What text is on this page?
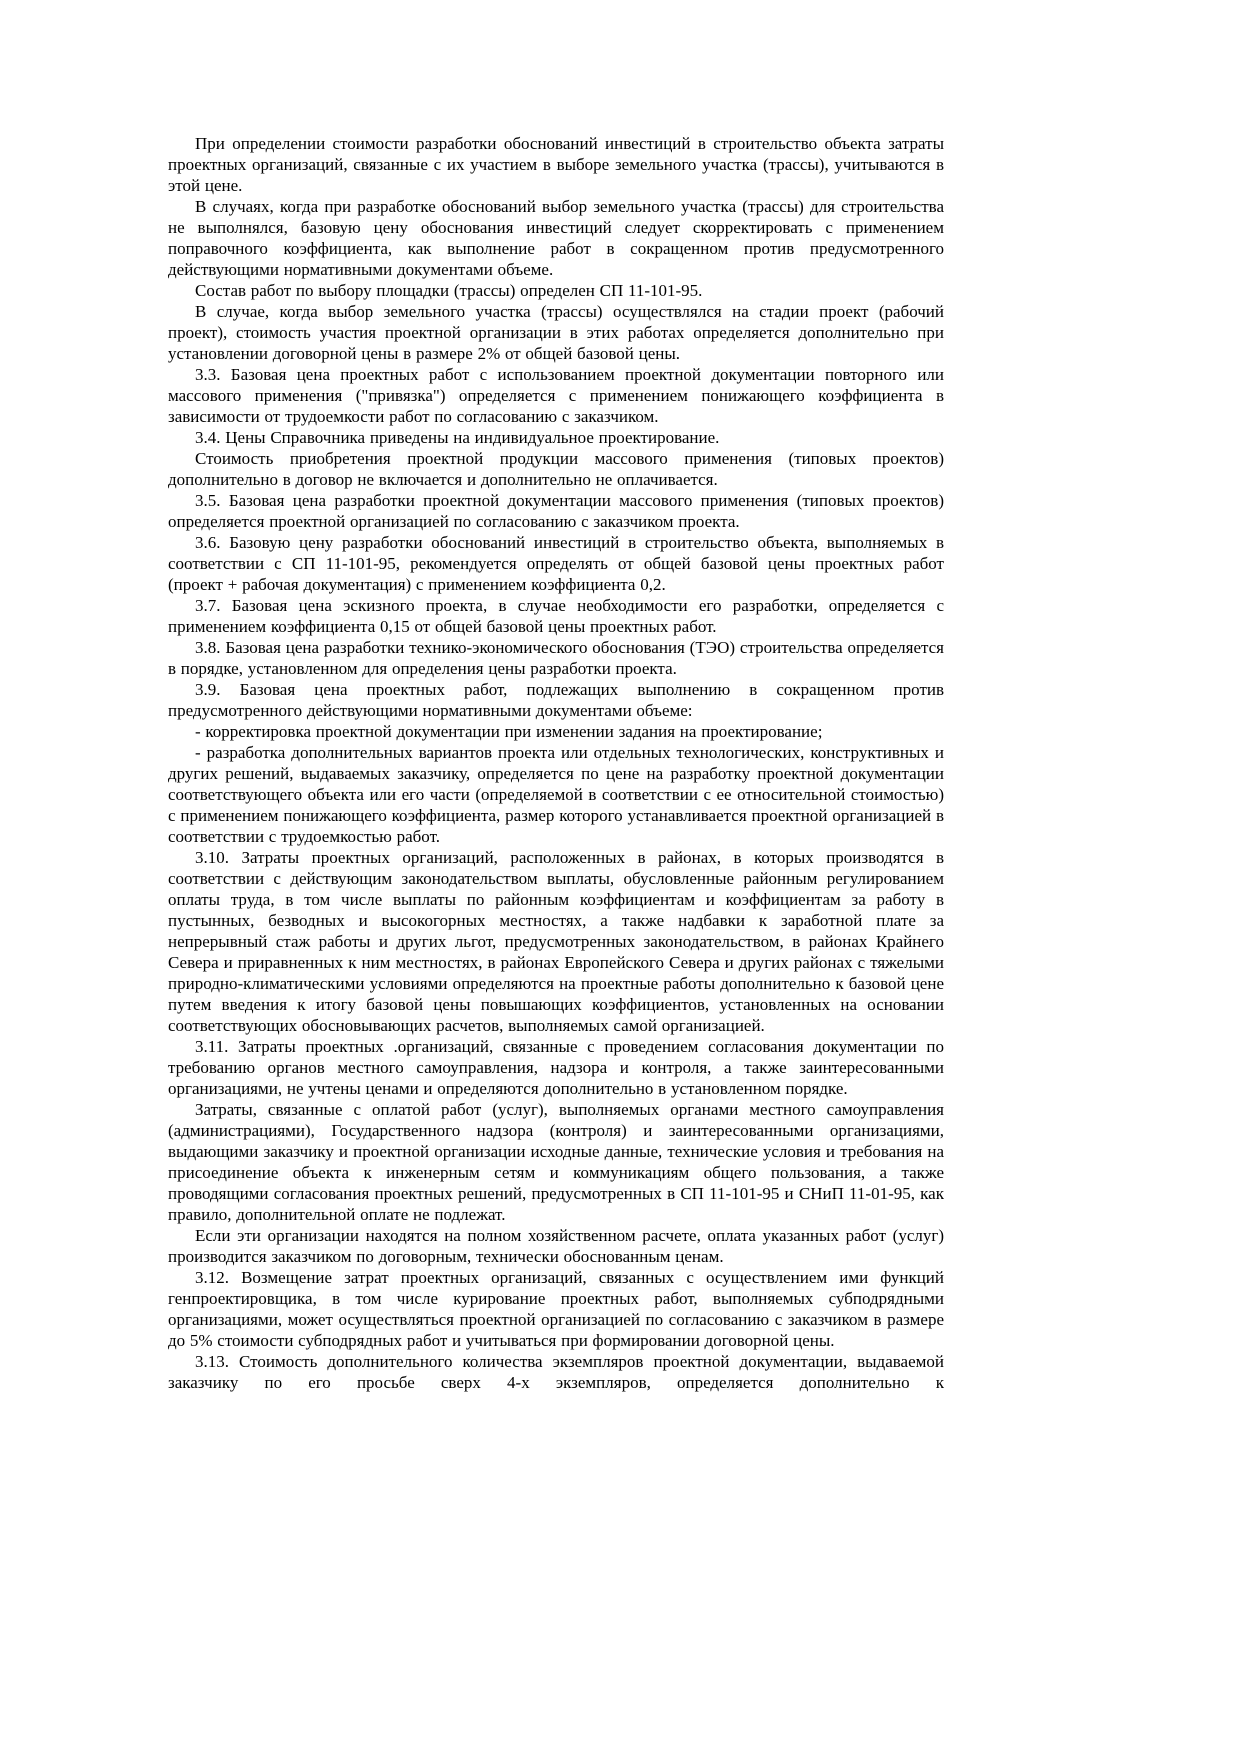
При определении стоимости разработки обоснований инвестиций в строительство объекта затраты проектных организаций, связанные с их участием в выборе земельного участка (трассы), учитываются в этой цене.

В случаях, когда при разработке обоснований выбор земельного участка (трассы) для строительства не выполнялся, базовую цену обоснования инвестиций следует скорректировать с применением поправочного коэффициента, как выполнение работ в сокращенном против предусмотренного действующими нормативными документами объеме.

Состав работ по выбору площадки (трассы) определен СП 11-101-95.

В случае, когда выбор земельного участка (трассы) осуществлялся на стадии проект (рабочий проект), стоимость участия проектной организации в этих работах определяется дополнительно при установлении договорной цены в размере 2% от общей базовой цены.

3.3. Базовая цена проектных работ с использованием проектной документации повторного или массового применения ("привязка") определяется с применением понижающего коэффициента в зависимости от трудоемкости работ по согласованию с заказчиком.

3.4. Цены Справочника приведены на индивидуальное проектирование.

Стоимость приобретения проектной продукции массового применения (типовых проектов) дополнительно в договор не включается и дополнительно не оплачивается.

3.5. Базовая цена разработки проектной документации массового применения (типовых проектов) определяется проектной организацией по согласованию с заказчиком проекта.

3.6. Базовую цену разработки обоснований инвестиций в строительство объекта, выполняемых в соответствии с СП 11-101-95, рекомендуется определять от общей базовой цены проектных работ (проект + рабочая документация) с применением коэффициента 0,2.

3.7. Базовая цена эскизного проекта, в случае необходимости его разработки, определяется с применением коэффициента 0,15 от общей базовой цены проектных работ.

3.8. Базовая цена разработки технико-экономического обоснования (ТЭО) строительства определяется в порядке, установленном для определения цены разработки проекта.

3.9. Базовая цена проектных работ, подлежащих выполнению в сокращенном против предусмотренного действующими нормативными документами объеме:

- корректировка проектной документации при изменении задания на проектирование;

- разработка дополнительных вариантов проекта или отдельных технологических, конструктивных и других решений, выдаваемых заказчику, определяется по цене на разработку проектной документации соответствующего объекта или его части (определяемой в соответствии с ее относительной стоимостью) с применением понижающего коэффициента, размер которого устанавливается проектной организацией в соответствии с трудоемкостью работ.

3.10. Затраты проектных организаций, расположенных в районах, в которых производятся в соответствии с действующим законодательством выплаты, обусловленные районным регулированием оплаты труда, в том числе выплаты по районным коэффициентам и коэффициентам за работу в пустынных, безводных и высокогорных местностях, а также надбавки к заработной плате за непрерывный стаж работы и других льгот, предусмотренных законодательством, в районах Крайнего Севера и приравненных к ним местностях, в районах Европейского Севера и других районах с тяжелыми природно-климатическими условиями определяются на проектные работы дополнительно к базовой цене путем введения к итогу базовой цены повышающих коэффициентов, установленных на основании соответствующих обосновывающих расчетов, выполняемых самой организацией.

3.11. Затраты проектных .организаций, связанные с проведением согласования документации по требованию органов местного самоуправления, надзора и контроля, а также заинтересованными организациями, не учтены ценами и определяются дополнительно в установленном порядке.

Затраты, связанные с оплатой работ (услуг), выполняемых органами местного самоуправления (администрациями), Государственного надзора (контроля) и заинтересованными организациями, выдающими заказчику и проектной организации исходные данные, технические условия и требования на присоединение объекта к инженерным сетям и коммуникациям общего пользования, а также проводящими согласования проектных решений, предусмотренных в СП 11-101-95 и СНиП 11-01-95, как правило, дополнительной оплате не подлежат.

Если эти организации находятся на полном хозяйственном расчете, оплата указанных работ (услуг) производится заказчиком по договорным, технически обоснованным ценам.

3.12. Возмещение затрат проектных организаций, связанных с осуществлением ими функций генпроектировщика, в том числе курирование проектных работ, выполняемых субподрядными организациями, может осуществляться проектной организацией по согласованию с заказчиком в размере до 5% стоимости субподрядных работ и учитываться при формировании договорной цены.

3.13. Стоимость дополнительного количества экземпляров проектной документации, выдаваемой заказчику по его просьбе сверх 4-х экземпляров, определяется дополнительно к
